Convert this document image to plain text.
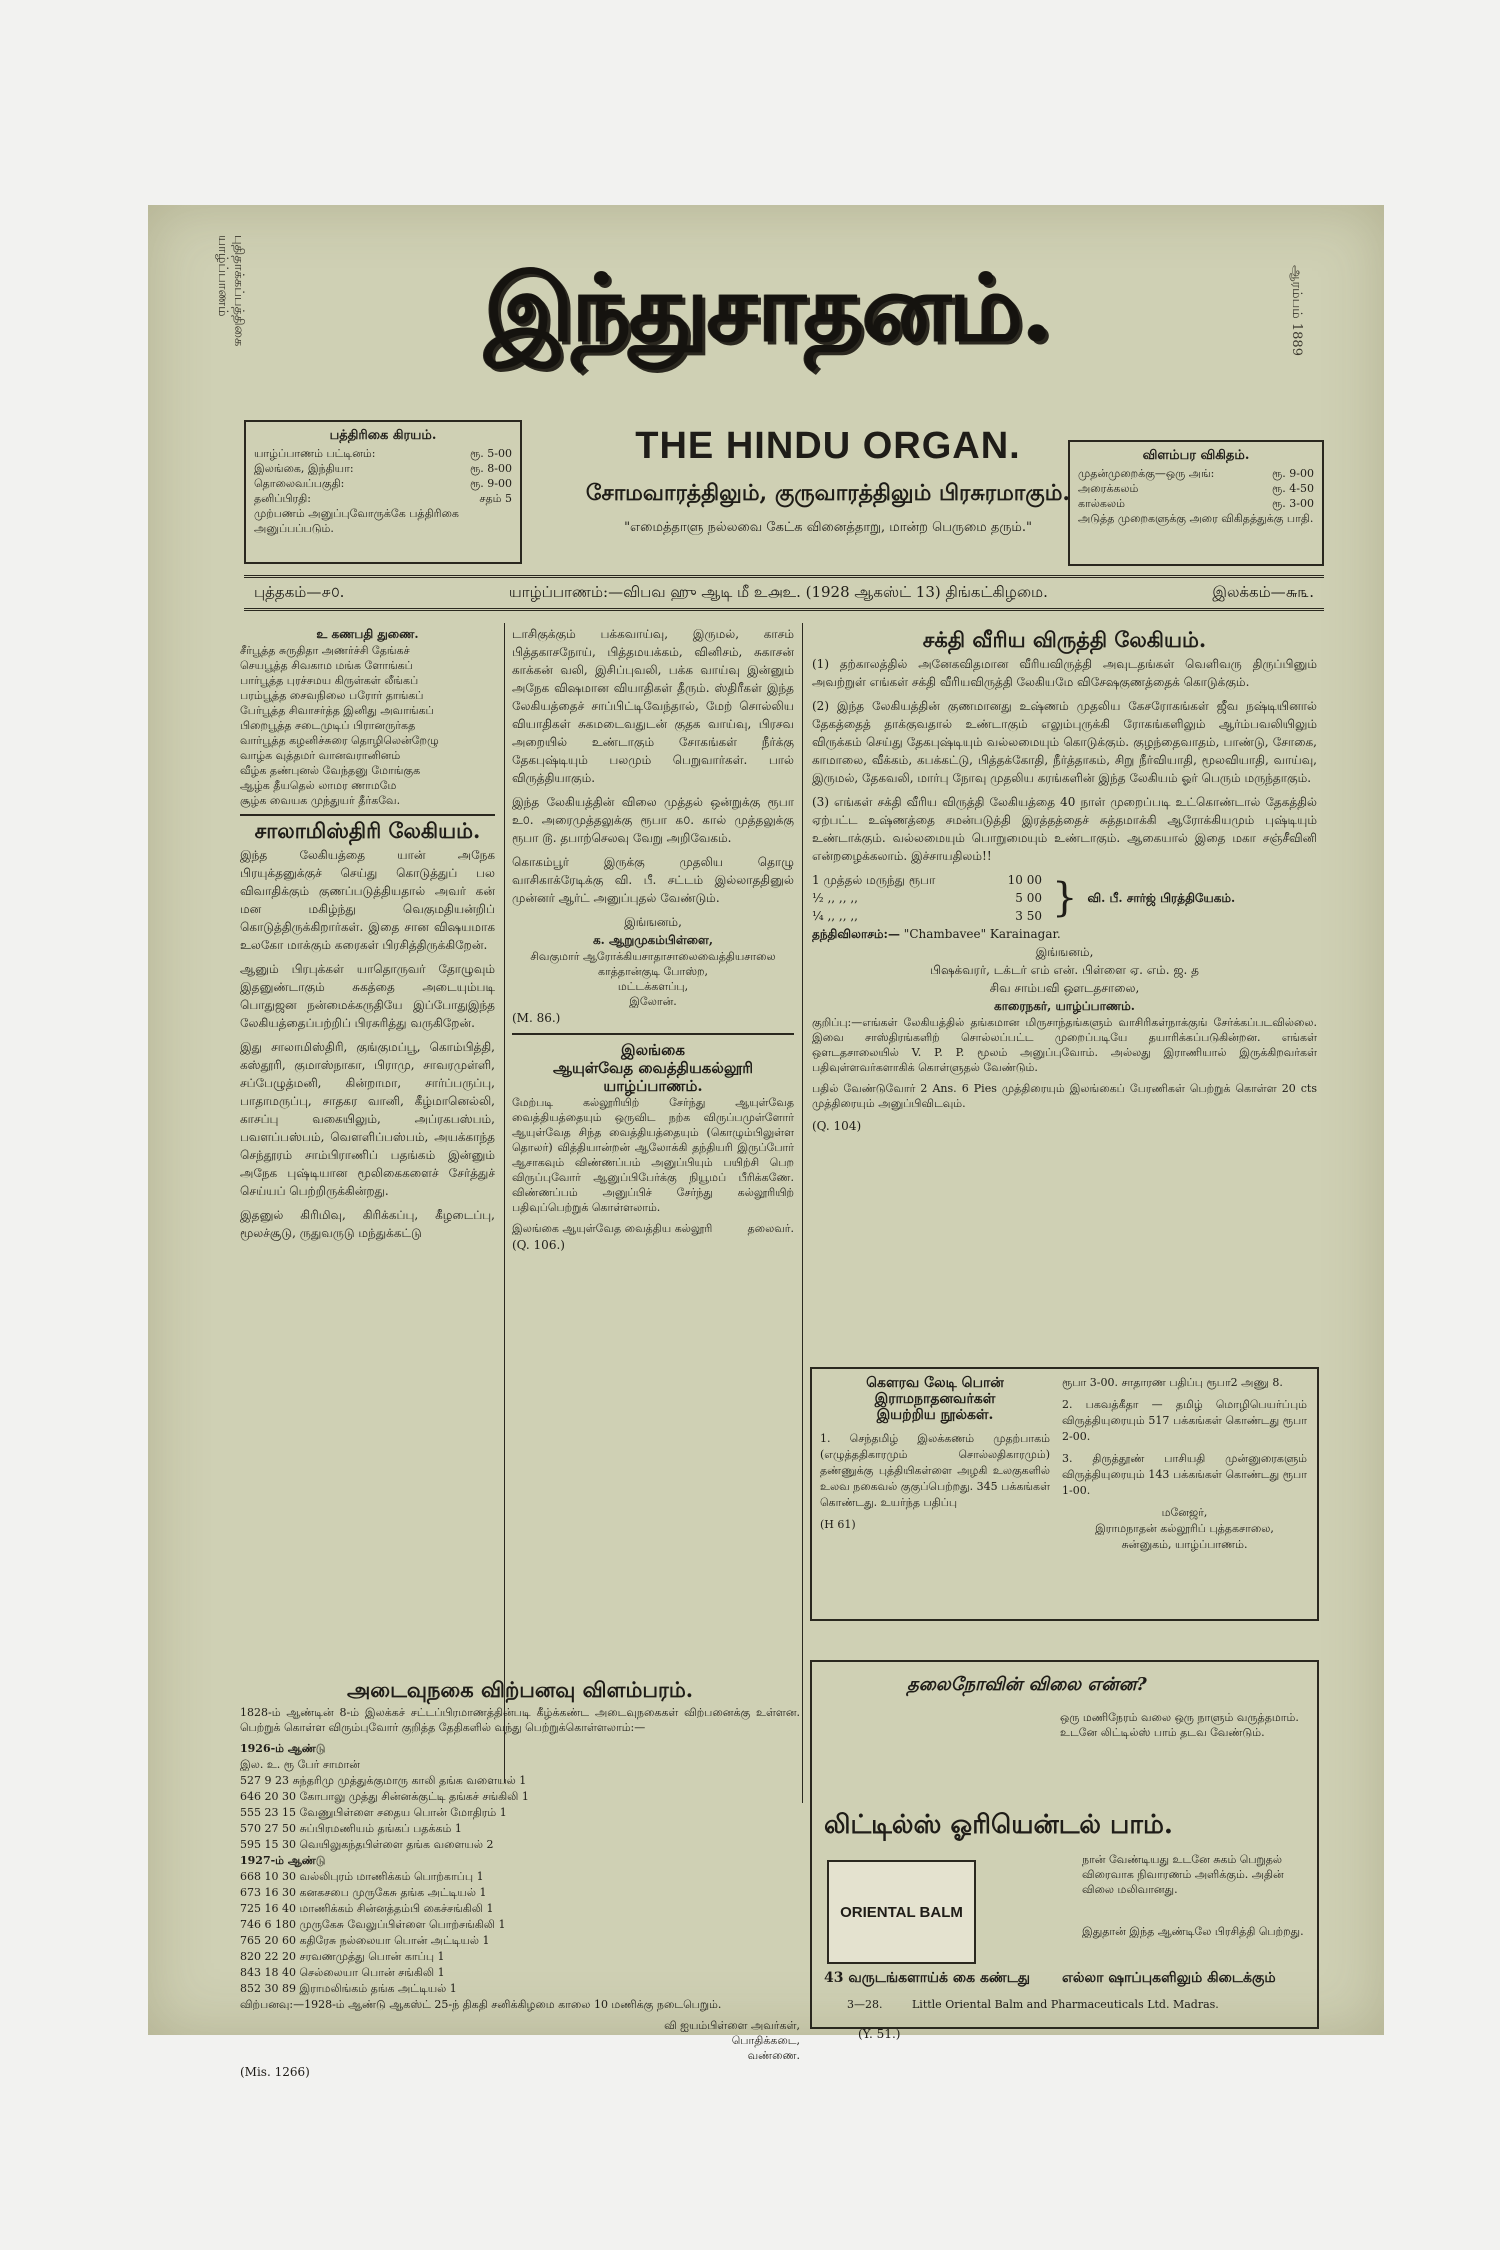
புதிதாக்கப்பத்திகை யாழ்ப்பாணம்	ஆரம்பம் 1889
இந்துசாதனம்.
பத்திரிகை கிரயம்.
யாழ்ப்பாணம் பட்டினம்:	ரூ. 5-00
இலங்கை, இந்தியா:	ரூ. 8-00
தொலைவப்பகுதி:	ரூ. 9-00
தனிப்பிரதி:	சதம் 5
முற்பணம் அனுப்புவோருக்கே பத்திரிகை அனுப்பப்படும்.
THE HINDU ORGAN.
சோமவாரத்திலும், குருவாரத்திலும் பிரசுரமாகும்.
"எமைத்தாளு நல்லவை கேட்க வினைத்தாறு, மான்ற பெருமை தரும்."
விளம்பர விகிதம்.
முதன்முறைக்கு—ஒரு அங்:	ரூ. 9-00
அரைக்கலம்	ரூ. 4-50
கால்கலம்	ரூ. 3-00
அடுத்த முறைகளுக்கு அரை விகிதத்துக்கு பாதி.
புத்தகம்—௪௦.	யாழ்ப்பாணம்:—விபவ ஹு ஆடி மீ உ௮உ. (1928 ஆகஸ்ட் 13) திங்கட்கிழமை.	இலக்கம்—௬௩.
உ கணபதி துணை.
சீர்பூத்த சுருதிதா அணர்ச்சி தேங்கச்
செயபூத்த சிவகாம மங்க ளோங்கப்
பார்பூத்த புரச்சமய கிருள்கள் லீங்கப்
பரம்பூத்த சைவநிலை பரோர் தாங்கப்
பேர்பூத்த சிவாசர்த்த இனிது அவாங்கப்
பிறைபூத்த சடைமுடிப் பிரானருர்கத
வார்பூத்த கழனிச்சுரை தொழிலென்றேழு
வாழ்க வுத்தமர் வானவரானினம்
வீழ்க தண்புனல் வேந்தனு மோங்குக
ஆழ்க தீயதெல் லாமர ணாமமே
சூழ்க வையக முந்துயர் தீர்கவே.
சாலாமிஸ்திரி லேகியம்.

இந்த லேகியத்தை யான் அநேக பிரயுக்தனுக்குச் செய்து கொடுத்துப் பல விவாதிக்கும் குணப்படுத்தியதால் அவர் கன் மன மகிழ்ந்து வெகுமதியன்றிப் கொடுத்திருக்கிறார்கள். இதை சான விஷயமாக உலகோ மாக்கும் கரைகள் பிரசித்திருக்கிறேன்.

ஆனும் பிரபுக்கள் யாதொருவர் தோழுவும் இதனுண்டாகும் சுகத்தை அடையும்படி பொதுஜன நன்மைக்கருதியே இப்போதுஇந்த லேகியத்தைப்பற்றிப் பிரசுரித்து வருகிறேன்.

இது சாலாமிஸ்திரி, குங்குமப்பூ, கொம்பித்தி, கஸ்தூரி, குமாஸ்நாகா, பிராமு, சாவரமுள்ளி, சப்பேழுத்மனி, கின்றாமா, சார்ப்பருப்பு, பாதாமருப்பு, சாதகர வானி, கீழ்மானெல்லி, காசப்பு வகையிலும், அப்ரகபஸ்பம், பவளப்பஸ்பம், வெளளிப்பஸ்பம், அயக்காந்த செந்தூரம் சாம்பிராணிப் பதங்கம் இன்னும் அநேக புஷ்டியான மூலிகைகளைச் சேர்த்துச் செய்யப் பெற்றிருக்கின்றது.

இதனுல் கிரிமிவு, கிரிக்கப்பு, கீழடைப்பு, மூலச்சூடு, ருதுவருடு மந்துக்கட்டு

டாசிகுக்கும் பக்கவாய்வு, இருமல், காசம் பித்தகாசநோய், பித்தமயக்கம், வினிசம், சுகாசன் காக்கன் வலி, இசிப்புவலி, பக்க வாய்வு இன்னும் அநேக விஷமான வியாதிகள் தீரும். ஸ்திரீகள் இந்த லேகியத்தைச் சாப்பிட்டிவேந்தால், மேற் சொல்லிய வியாதிகள் சுகமடைவதுடன் குதக வாய்வு, பிரசவ அறையில் உண்டாகும் சோகங்கள் நீர்க்கு தேகபுஷ்டியும் பலமும் பெறுவார்கள். பால் விருத்தியாகும்.

இந்த லேகியத்தின் விலை முத்தல் ஒன்றுக்கு ரூபா உ௦. அரைமுத்தலுக்கு ரூபா ௧௦. கால் முத்தலுக்கு ரூபா ௫. தபாற்செலவு வேறு அறிவேகம்.

கொகம்பூர் இருக்கு முதலிய தொழு வாசிகாக்ரேடிக்கு வி. பீ. சட்டம் இல்லாததினுல் முன்னர் ஆர்ட் அனுப்புதல் வேண்டும்.

இங்ஙனம்,
க. ஆறுமுகம்பிள்ளை,
சிவகுமார் ஆரோக்கியசாதாசாலைவைத்தியசாலை
காத்தான்குடி போஸ்ற,
மட்டக்களப்பு,
இலோன்.
(M. 86.)
இலங்கை
ஆயுள்வேத வைத்தியகல்லூரி
யாழ்ப்பாணம்.

மேற்படி கல்லூரியிற் சேர்ந்து ஆயுள்வேத வைத்தியத்தையும் ஒருவிட நற்க விருப்பமுள்ளோர் ஆயுள்வேத சிந்த வைத்தியத்தையும் (கொழும்பிலுள்ள தொலர்) வித்தியான்றன் ஆலோக்கி தந்தியரி இருப்போர் ஆசாகவும் விண்ணப்பம் அனுப்பியும் பயிற்சி பெற விருப்புவோர் ஆனுப்பிபேர்க்கு நியூமப் பீரிக்கணே. விண்ணப்பம் அனுப்பிச் சேர்ந்து கல்லூரியிற் பதிவுப்பெற்றுக் கொள்ளலாம்.

இலங்கை ஆயுள்வேத வைத்திய கல்லூரி	தலைவர்.
(Q. 106.)
சக்தி வீரிய விருத்தி லேகியம்.

(1) தற்காலத்தில் அனேகவிதமான வீரியவிருத்தி அவுடதங்கள் வெளிவரு திருப்பினும் அவற்றுள் எங்கள் சக்தி வீரியவிருத்தி லேகியமே விசேஷகுணத்தைக் கொடுக்கும்.

(2) இந்த லேகியத்தின் குணமானது உஷ்ணம் முதலிய கேசரோகங்கள் ஜீவ நஷ்டியினால் தேகத்தைத் தாக்குவதால் உண்டாகும் எலும்புருக்கி ரோகங்களிலும் ஆர்ம்பவலியிலும் விருக்கம் செய்து தேகபுஷ்டியும் வல்லமையும் கொடுக்கும். குழந்தைவாதம், பாண்டு, சோகை, காமாலை, வீக்கம், கபக்கட்டு, பித்தக்கோதி, நீர்த்தாகம், சிறு நீர்வியாதி, மூலவியாதி, வாய்வு, இருமல், தேகவலி, மார்பு நோவு முதலிய கரங்களின் இந்த லேகியம் ஓர் பெரும் மருந்தாகும்.

(3) எங்கள் சக்தி வீரிய விருத்தி லேகியத்தை 40 நாள் முறைப்படி உட்கொண்டால் தேகத்தில் ஏற்பட்ட உஷ்ணத்தை சமன்படுத்தி இரத்தத்தைச் சுத்தமாக்கி ஆரோக்கியமும் புஷ்டியும் உண்டாக்கும். வல்லமையும் பொறுமையும் உண்டாகும். ஆகையால் இதை மகா சஞ்சீவினி என்றழைக்கலாம். இச்சாயதிலம்!!

1 முத்தல் மருந்து ரூபா	10 00
½ ,, ,, ,,	5 00
¼ ,, ,, ,,	3 50 } வி. பீ. சார்ஜ் பிரத்தியேகம்.
தந்திவிலாசம்:— "Chambavee" Karainagar.
இங்ஙனம்,
பிஷக்வரர், டக்டர் எம் என். பிள்ளை ஏ. எம். ஜ. த
சிவ சாம்பவி ஔடதசாலை,
காரைநகர், யாழ்ப்பாணம்.

குறிப்பு:—எங்கள் லேகியத்தில் தங்கமான மிருசாந்தங்களும் வாசிரிகள்நாக்குங் சேர்க்கப்படவில்லை. இவை சாஸ்திரங்களிற் சொல்லப்பட்ட முறைப்படியே தயாரிக்கப்படுகின்றன. எங்கள் ஒளடதசாலையில் V. P. P. மூலம் அனுப்புவோம். அல்லது இராணியால் இருக்கிறவர்கள் பதிவுள்ளவர்களாகிக் கொள்ளுதல் வேண்டும்.

பதில் வேண்டுவோர் 2 Ans. 6 Pies முத்திரையும் இலங்கைப் பேரணிகள் பெற்றுக் கொள்ள 20 cts முத்திரையும் அனுப்பிவிடவும்.

(Q. 104)
கௌரவ லேடி பொன்
இராமநாதனவர்கள்
இயற்றிய நூல்கள்.

1. செந்தமிழ் இலக்கணம் முதற்பாகம் (எழுத்ததிகாரமும் சொல்லதிகாரமும்) தண்ணுக்கு புத்தியிகள்ளை அழகி உலகுகளில் உலவ நகைவல் குகுப்பெற்றது. 345 பக்கங்கள் கொண்டது. உயர்ந்த பதிப்பு

(H 61)

ரூபா 3-00. சாதாரண பதிப்பு ரூபா2 அணு 8.

2. பகவத்கீதா — தமிழ் மொழிபெயர்ப்பும் விருத்தியுரையும் 517 பக்கங்கள் கொண்டது ரூபா 2-00.

3. திருத்தூண் பாசியதி முன்னுரைகளும் விருத்தியுரையும் 143 பக்கங்கள் கொண்டது ரூபா 1-00.

மனேஜர்,
இராமநாதன் கல்லூரிப் புத்தகசாலை,
சுன்னுகம், யாழ்ப்பாணம்.
அடைவுநகை விற்பனவு விளம்பரம்.

1828-ம் ஆண்டின் 8-ம் இலக்கச் சட்டப்பிரமாணத்தின்படி கீழ்க்கண்ட அடைவுநகைகள் விற்பனைக்கு உள்ளன. பெற்றுக் கொள்ள விரும்புவோர் குறித்த தேதிகளில் வந்து பெற்றுக்கொள்ளலாம்:—

1926-ம் ஆண்டு
இல. உ. ரூ பேர் சாமான்
527 9 23 சுந்தரிமு முத்துக்குமாரு காலி தங்க வளையல் 1
646 20 30 கோபாலு முத்து சின்னக்குட்டி தங்கச் சங்கிலி 1
555 23 15 வேணுபிள்ளை சதைய பொன் மோதிரம் 1
570 27 50 சுப்பிரமணியம் தங்கப் பதக்கம் 1
595 15 30 வெயிலுகந்தபிள்ளை தங்க வளையல் 2
1927-ம் ஆண்டு
668 10 30 வல்லிபுரம் மாணிக்கம் பொற்காப்பு 1
673 16 30 கனகசபை முருகேசு தங்க அட்டியல் 1
725 16 40 மாணிக்கம் சின்னத்தம்பி கைச்சங்கிலி 1
746 6 180 முருகேசு வேலுப்பிள்ளை பொற்சங்கிலி 1
765 20 60 கதிரேசு நல்லையா பொன் அட்டியல் 1
820 22 20 சரவணமுத்து பொன் காப்பு 1
843 18 40 செல்லையா பொன் சங்கிலி 1
852 30 89 இராமலிங்கம் தங்க அட்டியல் 1

விற்பனவு:—1928-ம் ஆண்டு ஆகஸ்ட் 25-ந் திகதி சனிக்கிழமை காலை 10 மணிக்கு நடைபெறும்.

வி ஐயம்பிள்ளை அவர்கள்,
பொதிக்கடை,
வண்ணை.
(Mis. 1266)
தலைநோவின் விலை என்ன?
ஒரு மணிநேரம் வலை ஒரு நாளும் வருத்தமாம். உடனே லிட்டில்ஸ் பாம் தடவ வேண்டும்.
லிட்டில்ஸ் ஓரியென்டல் பாம்.
ORIENTAL BALM
நான் வேண்டியது உடனே சுகம் பெறுதல் விரைவாக நிவாரணம் அளிக்கும். அதின் விலை மலிவானது.
இதுதான் இந்த ஆண்டிலே பிரசித்தி பெற்றது.
43 வருடங்களாய்க் கை கண்டது எல்லா ஷாப்புகளிலும் கிடைக்கும்
3—28.	Little Oriental Balm and Pharmaceuticals Ltd. Madras.
(Y. 51.)
